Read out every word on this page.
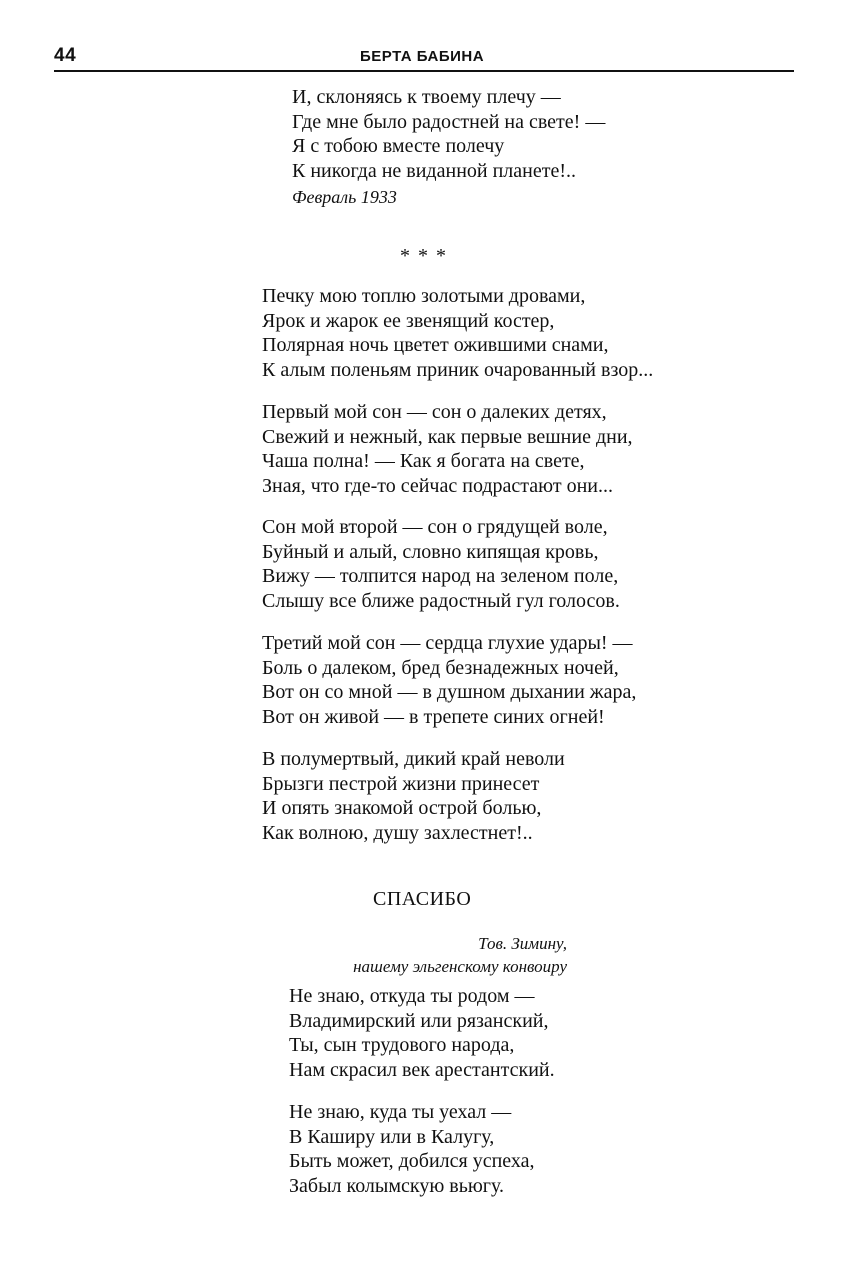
44	БЕРТА БАБИНА
И, склоняясь к твоему плечу —
Где мне было радостней на свете! —
Я с тобою вместе полечу
К никогда не виданной планете!..
Февраль 1933
***
Печку мою топлю золотыми дровами,
Ярок и жарок ее звенящий костер,
Полярная ночь цветет ожившими снами,
К алым поленьям приник очарованный взор...
Первый мой сон — сон о далеких детях,
Свежий и нежный, как первые вешние дни,
Чаша полна! — Как я богата на свете,
Зная, что где-то сейчас подрастают они...
Сон мой второй — сон о грядущей воле,
Буйный и алый, словно кипящая кровь,
Вижу — толпится народ на зеленом поле,
Слышу все ближе радостный гул голосов.
Третий мой сон — сердца глухие удары! —
Боль о далеком, бред безнадежных ночей,
Вот он со мной — в душном дыхании жара,
Вот он живой — в трепете синих огней!
В полумертвый, дикий край неволи
Брызги пестрой жизни принесет
И опять знакомой острой болью,
Как волною, душу захлестнет!..
СПАСИБО
Тов. Зимину,
нашему эльгенскому конвоиру
Не знаю, откуда ты родом —
Владимирский или рязанский,
Ты, сын трудового народа,
Нам скрасил век арестантский.
Не знаю, куда ты уехал —
В Каширу или в Калугу,
Быть может, добился успеха,
Забыл колымскую вьюгу.
